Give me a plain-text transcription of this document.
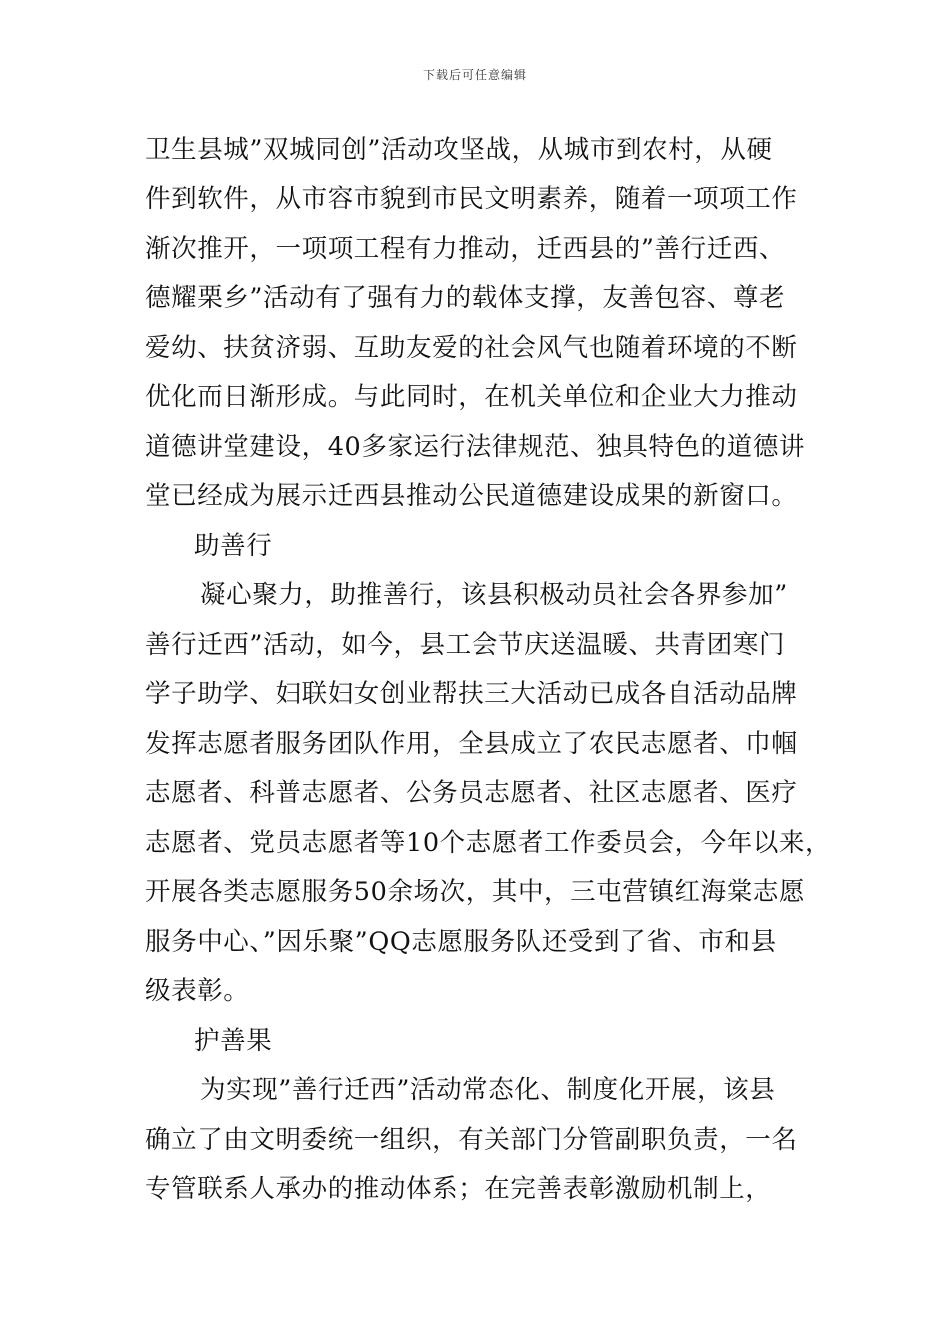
下载后可任意编辑
卫生县城”双城同创”活动攻坚战，从城市到农村，从硬
件到软件，从市容市貌到市民文明素养，随着一项项工作
渐次推开，一项项工程有力推动，迁西县的”善行迁西、
德耀栗乡”活动有了强有力的载体支撑，友善包容、尊老
爱幼、扶贫济弱、互助友爱的社会风气也随着环境的不断
优化而日渐形成。与此同时，在机关单位和企业大力推动
道德讲堂建设，40多家运行法律规范、独具特色的道德讲
堂已经成为展示迁西县推动公民道德建设成果的新窗口。
助善行
凝心聚力，助推善行，该县积极动员社会各界参加”
善行迁西”活动，如今，县工会节庆送温暖、共青团寒门
学子助学、妇联妇女创业帮扶三大活动已成各自活动品牌
发挥志愿者服务团队作用，全县成立了农民志愿者、巾帼
志愿者、科普志愿者、公务员志愿者、社区志愿者、医疗
志愿者、党员志愿者等10个志愿者工作委员会，今年以来，
开展各类志愿服务50余场次，其中，三屯营镇红海棠志愿
服务中心、”因乐聚”QQ志愿服务队还受到了省、市和县
级表彰。
护善果
为实现”善行迁西”活动常态化、制度化开展，该县
确立了由文明委统一组织，有关部门分管副职负责，一名
专管联系人承办的推动体系；在完善表彰激励机制上，
